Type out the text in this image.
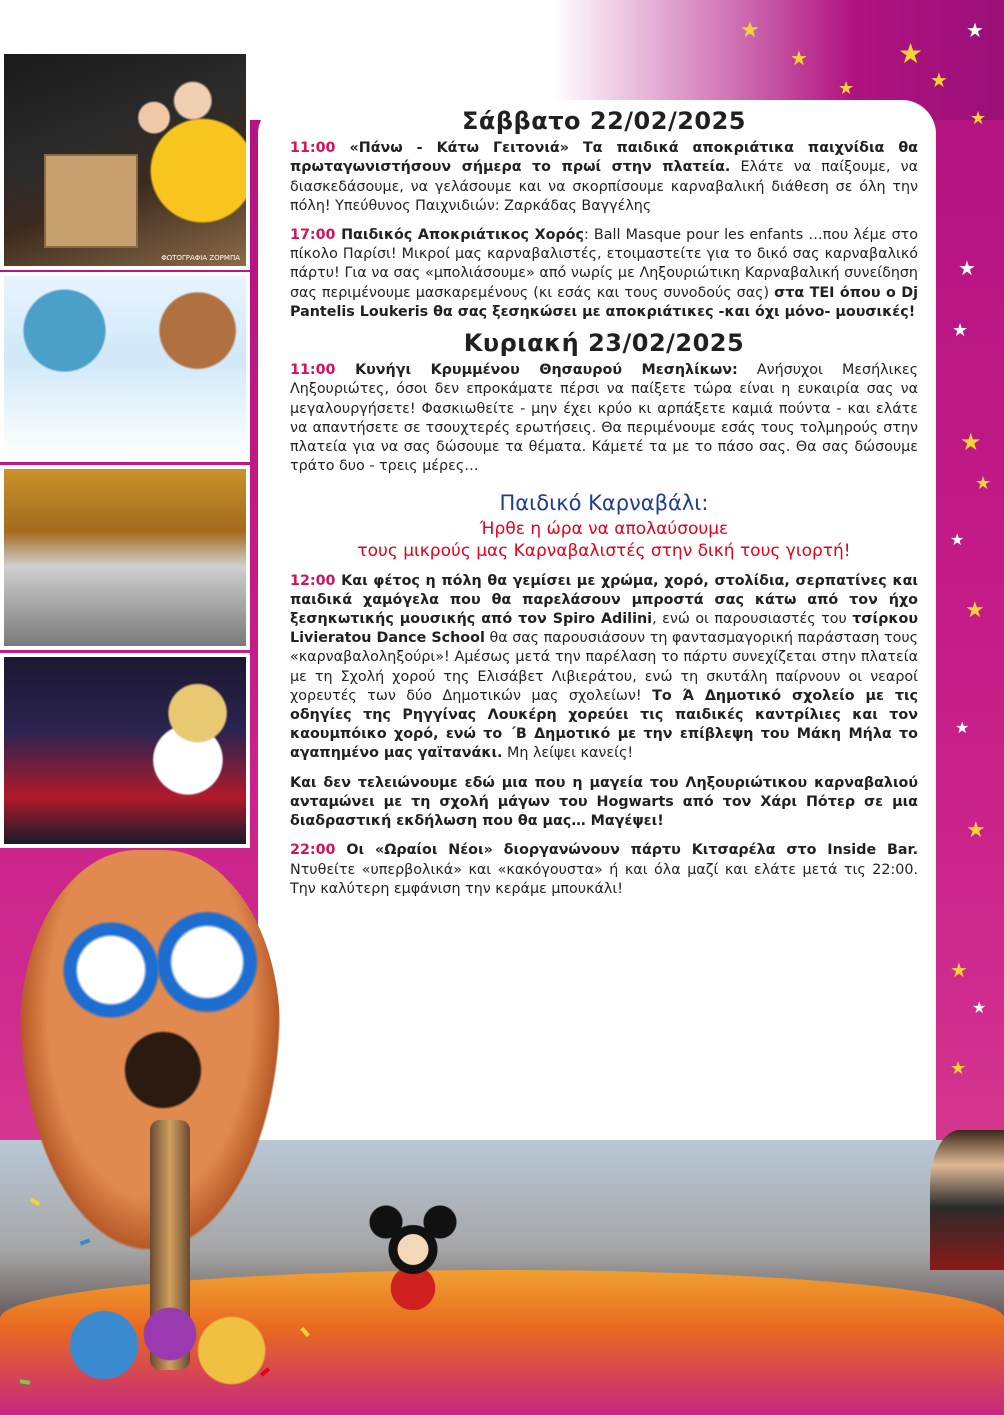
★
★
★
★
★
★
★
★
★
★
★
★
★
★
★
★
★
★
ΦΩΤΟΓΡΑΦΙΑ ΖΟΡΜΠΑ
Σάββατο 22/02/2025

11:00 «Πάνω - Κάτω Γειτονιά» Τα παιδικά αποκριάτικα παιχνίδια θα πρωταγωνιστήσουν σήμερα το πρωί στην πλατεία. Ελάτε να παίξουμε, να διασκεδάσουμε, να γελάσουμε και να σκορπίσουμε καρναβαλική διάθεση σε όλη την πόλη! Υπεύθυνος Παιχνιδιών: Ζαρκάδας Βαγγέλης

17:00 Παιδικός Αποκριάτικος Χορός: Ball Masque pour les enfants …που λέμε στο πίκολο Παρίσι! Μικροί μας καρναβαλιστές, ετοιμαστείτε για το δικό σας καρναβαλικό πάρτυ! Για να σας «μπολιάσουμε» από νωρίς με Ληξουριώτικη Καρναβαλική συνείδηση σας περιμένουμε μασκαρεμένους (κι εσάς και τους συνοδούς σας) στα ΤΕΙ όπου ο Dj Pantelis Loukeris θα σας ξεσηκώσει με αποκριάτικες -και όχι μόνο- μουσικές!

Κυριακή 23/02/2025

11:00 Κυνήγι Κρυμμένου Θησαυρού Μεσηλίκων: Ανήσυχοι Μεσήλικες Ληξουριώτες, όσοι δεν επροκάματε πέρσι να παίξετε τώρα είναι η ευκαιρία σας να μεγαλουργήσετε! Φασκιωθείτε - μην έχει κρύο κι αρπάξετε καμιά πούντα - και ελάτε να απαντήσετε σε τσουχτερές ερωτήσεις. Θα περιμένουμε εσάς τους τολμηρούς στην πλατεία για να σας δώσουμε τα θέματα. Κάμετέ τα με το πάσο σας. Θα σας δώσουμε τράτο δυο - τρεις μέρες…

Παιδικό Καρναβάλι:

Ήρθε η ώρα να απολαύσουμε

τους μικρούς μας Καρναβαλιστές στην δική τους γιορτή!

12:00 Και φέτος η πόλη θα γεμίσει με χρώμα, χορό, στολίδια, σερπατίνες και παιδικά χαμόγελα που θα παρελάσουν μπροστά σας κάτω από τον ήχο ξεσηκωτικής μουσικής από τον Spiro Adilini, ενώ οι παρουσιαστές του τσίρκου Livieratou Dance School θα σας παρουσιάσουν τη φαντασμαγορική παράσταση τους «καρναβαλοληξούρι»! Αμέσως μετά την παρέλαση το πάρτυ συνεχίζεται στην πλατεία με τη Σχολή χορού της Ελισάβετ Λιβιεράτου, ενώ τη σκυτάλη παίρνουν οι νεαροί χορευτές των δύο Δημοτικών μας σχολείων! Το Ά Δημοτικό σχολείο με τις οδηγίες της Ρηγγίνας Λουκέρη χορεύει τις παιδικές καντρίλιες και τον καουμπόικο χορό, ενώ το ΄Β Δημοτικό με την επίβλεψη του Μάκη Μήλα το αγαπημένο μας γαϊτανάκι. Μη λείψει κανείς!

Και δεν τελειώνουμε εδώ μια που η μαγεία του Ληξουριώτικου καρναβαλιού ανταμώνει με τη σχολή μάγων του Hogwarts από τον Χάρι Πότερ σε μια διαδραστική εκδήλωση που θα μας… Μαγέψει!

22:00 Οι «Ωραίοι Νέοι» διοργανώνουν πάρτυ Κιτσαρέλα στο Inside Bar. Ντυθείτε «υπερβολικά» και «κακόγουστα» ή και όλα μαζί και ελάτε μετά τις 22:00. Την καλύτερη εμφάνιση την κεράμε μπουκάλι!
